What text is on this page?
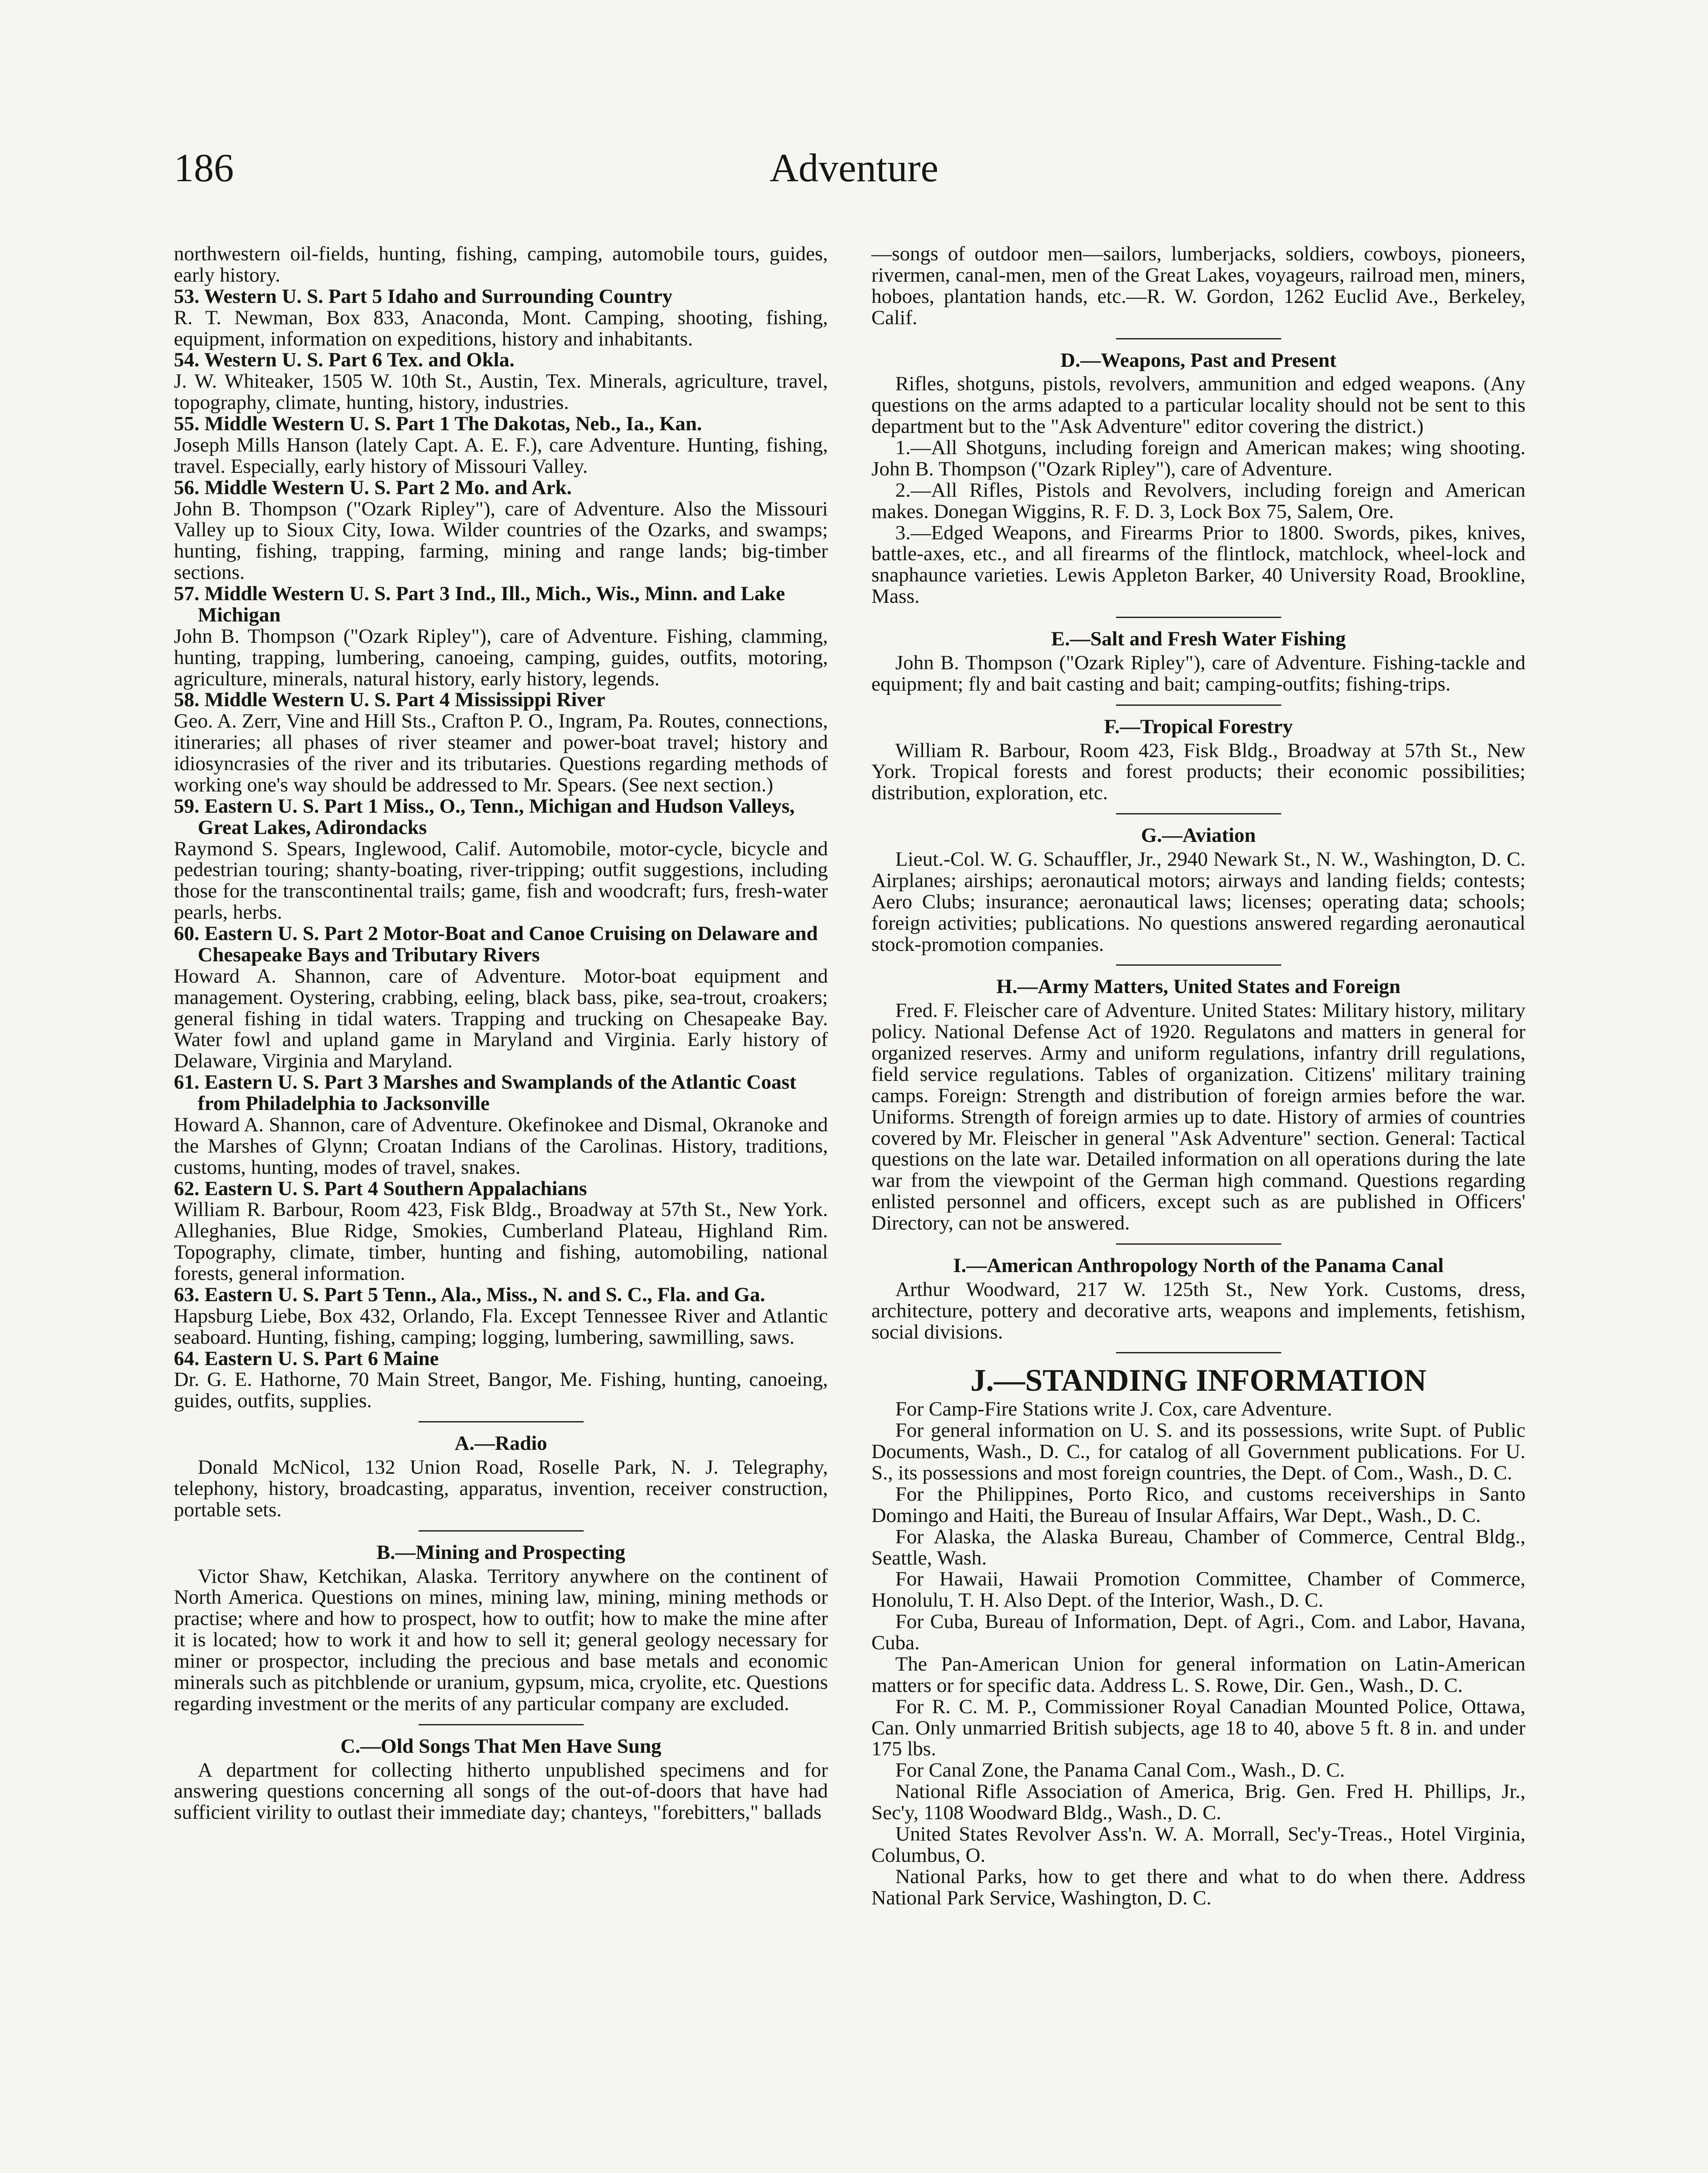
186	Adventure

northwestern oil-fields, hunting, fishing, camping, automobile tours, guides, early history.

53. Western U. S. Part 5 Idaho and Surrounding Country

R. T. Newman, Box 833, Anaconda, Mont. Camping, shooting, fishing, equipment, information on expeditions, history and inhabitants.

54. Western U. S. Part 6 Tex. and Okla.

J. W. Whiteaker, 1505 W. 10th St., Austin, Tex. Minerals, agriculture, travel, topography, climate, hunting, history, industries.

55. Middle Western U. S. Part 1 The Dakotas, Neb., Ia., Kan.

Joseph Mills Hanson (lately Capt. A. E. F.), care Adventure. Hunting, fishing, travel. Especially, early history of Missouri Valley.

56. Middle Western U. S. Part 2 Mo. and Ark.

John B. Thompson ("Ozark Ripley"), care of Adventure. Also the Missouri Valley up to Sioux City, Iowa. Wilder countries of the Ozarks, and swamps; hunting, fishing, trapping, farming, mining and range lands; big-timber sections.

57. Middle Western U. S. Part 3 Ind., Ill., Mich., Wis., Minn. and Lake Michigan

John B. Thompson ("Ozark Ripley"), care of Adventure. Fishing, clamming, hunting, trapping, lumbering, canoeing, camping, guides, outfits, motoring, agriculture, minerals, natural history, early history, legends.

58. Middle Western U. S. Part 4 Mississippi River

Geo. A. Zerr, Vine and Hill Sts., Crafton P. O., Ingram, Pa. Routes, connections, itineraries; all phases of river steamer and power-boat travel; history and idiosyncrasies of the river and its tributaries. Questions regarding methods of working one's way should be addressed to Mr. Spears. (See next section.)

59. Eastern U. S. Part 1 Miss., O., Tenn., Michigan and Hudson Valleys, Great Lakes, Adirondacks

Raymond S. Spears, Inglewood, Calif. Automobile, motor-cycle, bicycle and pedestrian touring; shanty-boating, river-tripping; outfit suggestions, including those for the transcontinental trails; game, fish and woodcraft; furs, fresh-water pearls, herbs.

60. Eastern U. S. Part 2 Motor-Boat and Canoe Cruising on Delaware and Chesapeake Bays and Tributary Rivers

Howard A. Shannon, care of Adventure. Motor-boat equipment and management. Oystering, crabbing, eeling, black bass, pike, sea-trout, croakers; general fishing in tidal waters. Trapping and trucking on Chesapeake Bay. Water fowl and upland game in Maryland and Virginia. Early history of Delaware, Virginia and Maryland.

61. Eastern U. S. Part 3 Marshes and Swamplands of the Atlantic Coast from Philadelphia to Jacksonville

Howard A. Shannon, care of Adventure. Okefinokee and Dismal, Okranoke and the Marshes of Glynn; Croatan Indians of the Carolinas. History, traditions, customs, hunting, modes of travel, snakes.

62. Eastern U. S. Part 4 Southern Appalachians

William R. Barbour, Room 423, Fisk Bldg., Broadway at 57th St., New York. Alleghanies, Blue Ridge, Smokies, Cumberland Plateau, Highland Rim. Topography, climate, timber, hunting and fishing, automobiling, national forests, general information.

63. Eastern U. S. Part 5 Tenn., Ala., Miss., N. and S. C., Fla. and Ga.

Hapsburg Liebe, Box 432, Orlando, Fla. Except Tennessee River and Atlantic seaboard. Hunting, fishing, camping; logging, lumbering, sawmilling, saws.

64. Eastern U. S. Part 6 Maine

Dr. G. E. Hathorne, 70 Main Street, Bangor, Me. Fishing, hunting, canoeing, guides, outfits, supplies.

A.—Radio

Donald McNicol, 132 Union Road, Roselle Park, N. J. Telegraphy, telephony, history, broadcasting, apparatus, invention, receiver construction, portable sets.

B.—Mining and Prospecting

Victor Shaw, Ketchikan, Alaska. Territory anywhere on the continent of North America. Questions on mines, mining law, mining, mining methods or practise; where and how to prospect, how to outfit; how to make the mine after it is located; how to work it and how to sell it; general geology necessary for miner or prospector, including the precious and base metals and economic minerals such as pitchblende or uranium, gypsum, mica, cryolite, etc. Questions regarding investment or the merits of any particular company are excluded.

C.—Old Songs That Men Have Sung

A department for collecting hitherto unpublished specimens and for answering questions concerning all songs of the out-of-doors that have had sufficient virility to outlast their immediate day; chanteys, "forebitters," ballads

—songs of outdoor men—sailors, lumberjacks, soldiers, cowboys, pioneers, rivermen, canal-men, men of the Great Lakes, voyageurs, railroad men, miners, hoboes, plantation hands, etc.—R. W. Gordon, 1262 Euclid Ave., Berkeley, Calif.

D.—Weapons, Past and Present

Rifles, shotguns, pistols, revolvers, ammunition and edged weapons. (Any questions on the arms adapted to a particular locality should not be sent to this department but to the "Ask Adventure" editor covering the district.)

1.—All Shotguns, including foreign and American makes; wing shooting. John B. Thompson ("Ozark Ripley"), care of Adventure.

2.—All Rifles, Pistols and Revolvers, including foreign and American makes. Donegan Wiggins, R. F. D. 3, Lock Box 75, Salem, Ore.

3.—Edged Weapons, and Firearms Prior to 1800. Swords, pikes, knives, battle-axes, etc., and all firearms of the flintlock, matchlock, wheel-lock and snaphaunce varieties. Lewis Appleton Barker, 40 University Road, Brookline, Mass.

E.—Salt and Fresh Water Fishing

John B. Thompson ("Ozark Ripley"), care of Adventure. Fishing-tackle and equipment; fly and bait casting and bait; camping-outfits; fishing-trips.

F.—Tropical Forestry

William R. Barbour, Room 423, Fisk Bldg., Broadway at 57th St., New York. Tropical forests and forest products; their economic possibilities; distribution, exploration, etc.

G.—Aviation

Lieut.-Col. W. G. Schauffler, Jr., 2940 Newark St., N. W., Washington, D. C. Airplanes; airships; aeronautical motors; airways and landing fields; contests; Aero Clubs; insurance; aeronautical laws; licenses; operating data; schools; foreign activities; publications. No questions answered regarding aeronautical stock-promotion companies.

H.—Army Matters, United States and Foreign

Fred. F. Fleischer care of Adventure. United States: Military history, military policy. National Defense Act of 1920. Regulatons and matters in general for organized reserves. Army and uniform regulations, infantry drill regulations, field service regulations. Tables of organization. Citizens' military training camps. Foreign: Strength and distribution of foreign armies before the war. Uniforms. Strength of foreign armies up to date. History of armies of countries covered by Mr. Fleischer in general "Ask Adventure" section. General: Tactical questions on the late war. Detailed information on all operations during the late war from the viewpoint of the German high command. Questions regarding enlisted personnel and officers, except such as are published in Officers' Directory, can not be answered.

I.—American Anthropology North of the Panama Canal

Arthur Woodward, 217 W. 125th St., New York. Customs, dress, architecture, pottery and decorative arts, weapons and implements, fetishism, social divisions.

J.—STANDING INFORMATION

For Camp-Fire Stations write J. Cox, care Adventure.

For general information on U. S. and its possessions, write Supt. of Public Documents, Wash., D. C., for catalog of all Government publications. For U. S., its possessions and most foreign countries, the Dept. of Com., Wash., D. C.

For the Philippines, Porto Rico, and customs receiverships in Santo Domingo and Haiti, the Bureau of Insular Affairs, War Dept., Wash., D. C.

For Alaska, the Alaska Bureau, Chamber of Commerce, Central Bldg., Seattle, Wash.

For Hawaii, Hawaii Promotion Committee, Chamber of Commerce, Honolulu, T. H. Also Dept. of the Interior, Wash., D. C.

For Cuba, Bureau of Information, Dept. of Agri., Com. and Labor, Havana, Cuba.

The Pan-American Union for general information on Latin-American matters or for specific data. Address L. S. Rowe, Dir. Gen., Wash., D. C.

For R. C. M. P., Commissioner Royal Canadian Mounted Police, Ottawa, Can. Only unmarried British subjects, age 18 to 40, above 5 ft. 8 in. and under 175 lbs.

For Canal Zone, the Panama Canal Com., Wash., D. C.

National Rifle Association of America, Brig. Gen. Fred H. Phillips, Jr., Sec'y, 1108 Woodward Bldg., Wash., D. C.

United States Revolver Ass'n. W. A. Morrall, Sec'y-Treas., Hotel Virginia, Columbus, O.

National Parks, how to get there and what to do when there. Address National Park Service, Washington, D. C.
